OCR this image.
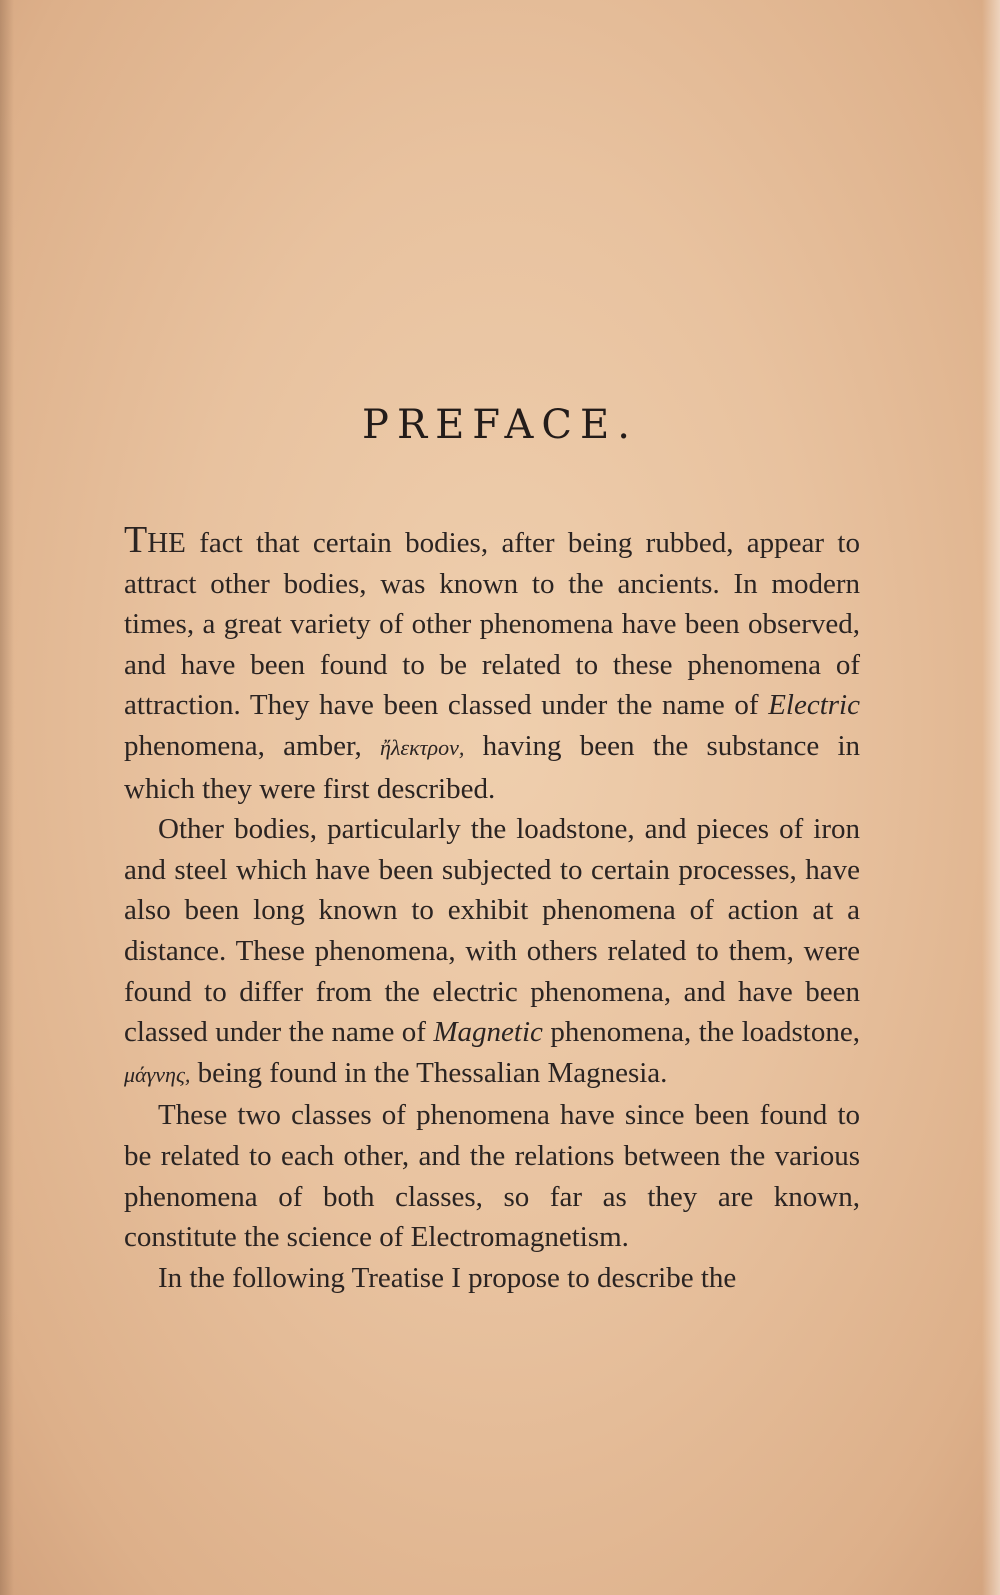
PREFACE.

THE fact that certain bodies, after being rubbed, appear to attract other bodies, was known to the ancients. In modern times, a great variety of other phenomena have been observed, and have been found to be related to these phenomena of attraction. They have been classed under the name of Electric phenomena, amber, ἤλεκτρον, having been the substance in which they were first described.

Other bodies, particularly the loadstone, and pieces of iron and steel which have been subjected to certain processes, have also been long known to exhibit phenomena of action at a distance. These phenomena, with others related to them, were found to differ from the electric phenomena, and have been classed under the name of Magnetic phenomena, the loadstone, μάγνης, being found in the Thessalian Magnesia.

These two classes of phenomena have since been found to be related to each other, and the relations between the various phenomena of both classes, so far as they are known, constitute the science of Electromagnetism.

In the following Treatise I propose to describe the
